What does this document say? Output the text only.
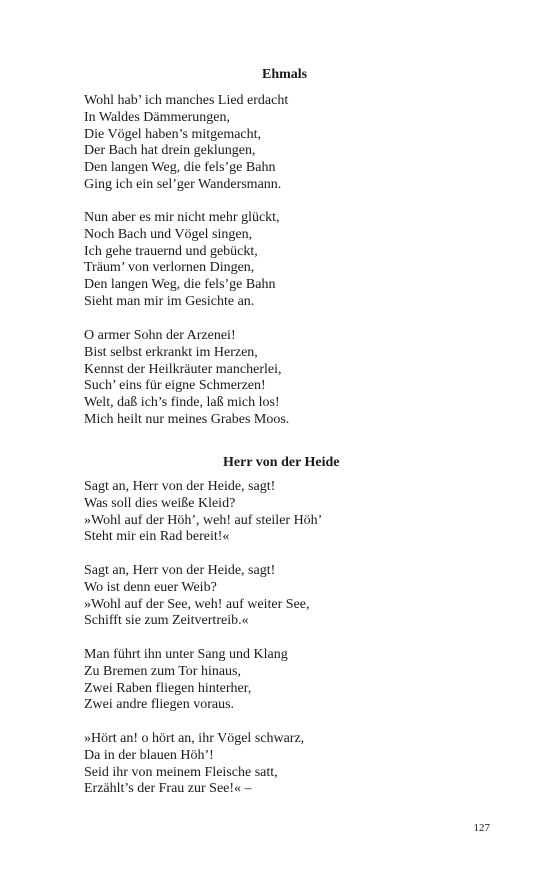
Ehmals
Wohl hab’ ich manches Lied erdacht
In Waldes Dämmerungen,
Die Vögel haben’s mitgemacht,
Der Bach hat drein geklungen,
Den langen Weg, die fels’ge Bahn
Ging ich ein sel’ger Wandersmann.
Nun aber es mir nicht mehr glückt,
Noch Bach und Vögel singen,
Ich gehe trauernd und gebückt,
Träum’ von verlornen Dingen,
Den langen Weg, die fels’ge Bahn
Sieht man mir im Gesichte an.
O armer Sohn der Arzenei!
Bist selbst erkrankt im Herzen,
Kennst der Heilkräuter mancherlei,
Such’ eins für eigne Schmerzen!
Welt, daß ich’s finde, laß mich los!
Mich heilt nur meines Grabes Moos.
Herr von der Heide
Sagt an, Herr von der Heide, sagt!
Was soll dies weiße Kleid?
»Wohl auf der Höh’, weh! auf steiler Höh’
Steht mir ein Rad bereit!«
Sagt an, Herr von der Heide, sagt!
Wo ist denn euer Weib?
»Wohl auf der See, weh! auf weiter See,
Schifft sie zum Zeitvertreib.«
Man führt ihn unter Sang und Klang
Zu Bremen zum Tor hinaus,
Zwei Raben fliegen hinterher,
Zwei andre fliegen voraus.
»Hört an! o hört an, ihr Vögel schwarz,
Da in der blauen Höh’!
Seid ihr von meinem Fleische satt,
Erzählt’s der Frau zur See!« –
127
